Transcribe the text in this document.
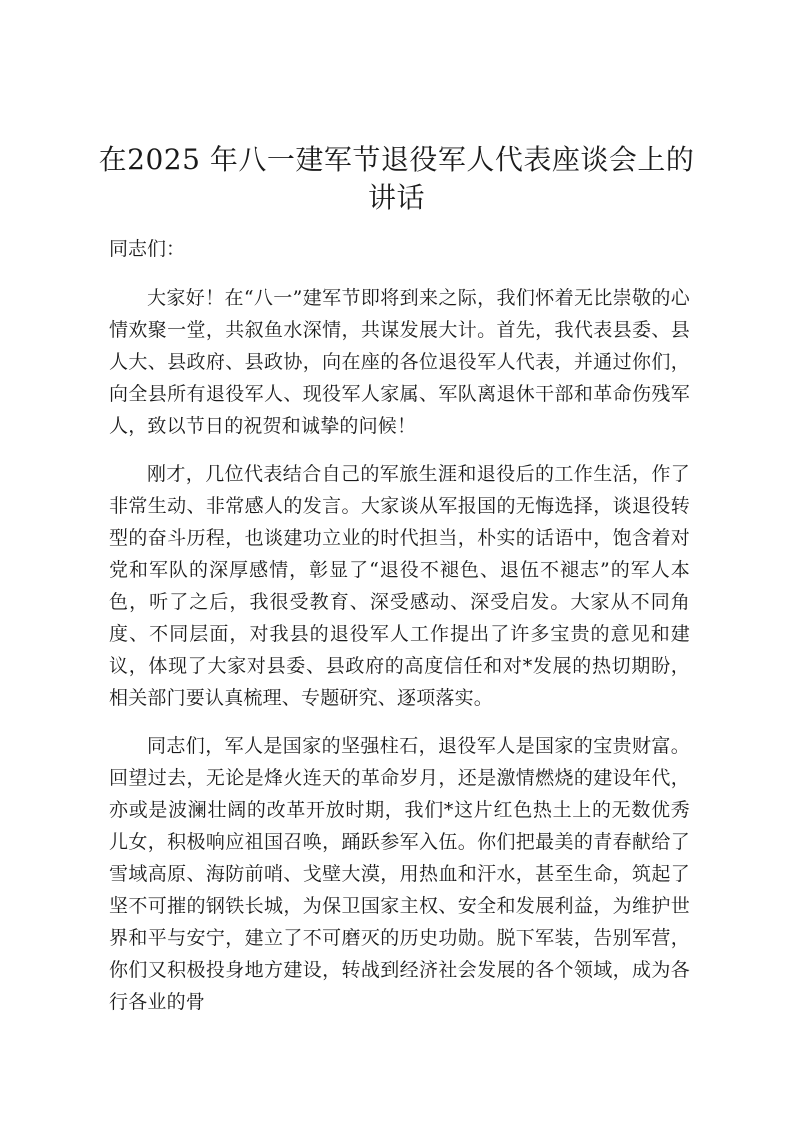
在2025 年八一建军节退役军人代表座谈会上的讲话

同志们：

大家好！在“八一”建军节即将到来之际，我们怀着无比崇敬的心情欢聚一堂，共叙鱼水深情，共谋发展大计。首先，我代表县委、县人大、县政府、县政协，向在座的各位退役军人代表，并通过你们，向全县所有退役军人、现役军人家属、军队离退休干部和革命伤残军人，致以节日的祝贺和诚挚的问候！

刚才，几位代表结合自己的军旅生涯和退役后的工作生活，作了非常生动、非常感人的发言。大家谈从军报国的无悔选择，谈退役转型的奋斗历程，也谈建功立业的时代担当，朴实的话语中，饱含着对党和军队的深厚感情，彰显了“退役不褪色、退伍不褪志”的军人本色，听了之后，我很受教育、深受感动、深受启发。大家从不同角度、不同层面，对我县的退役军人工作提出了许多宝贵的意见和建议，体现了大家对县委、县政府的高度信任和对*发展的热切期盼，相关部门要认真梳理、专题研究、逐项落实。

同志们，军人是国家的坚强柱石，退役军人是国家的宝贵财富。回望过去，无论是烽火连天的革命岁月，还是激情燃烧的建设年代，亦或是波澜壮阔的改革开放时期，我们*这片红色热土上的无数优秀儿女，积极响应祖国召唤，踊跃参军入伍。你们把最美的青春献给了雪域高原、海防前哨、戈壁大漠，用热血和汗水，甚至生命，筑起了坚不可摧的钢铁长城，为保卫国家主权、安全和发展利益，为维护世界和平与安宁，建立了不可磨灭的历史功勋。脱下军装，告别军营，你们又积极投身地方建设，转战到经济社会发展的各个领域，成为各行各业的骨
